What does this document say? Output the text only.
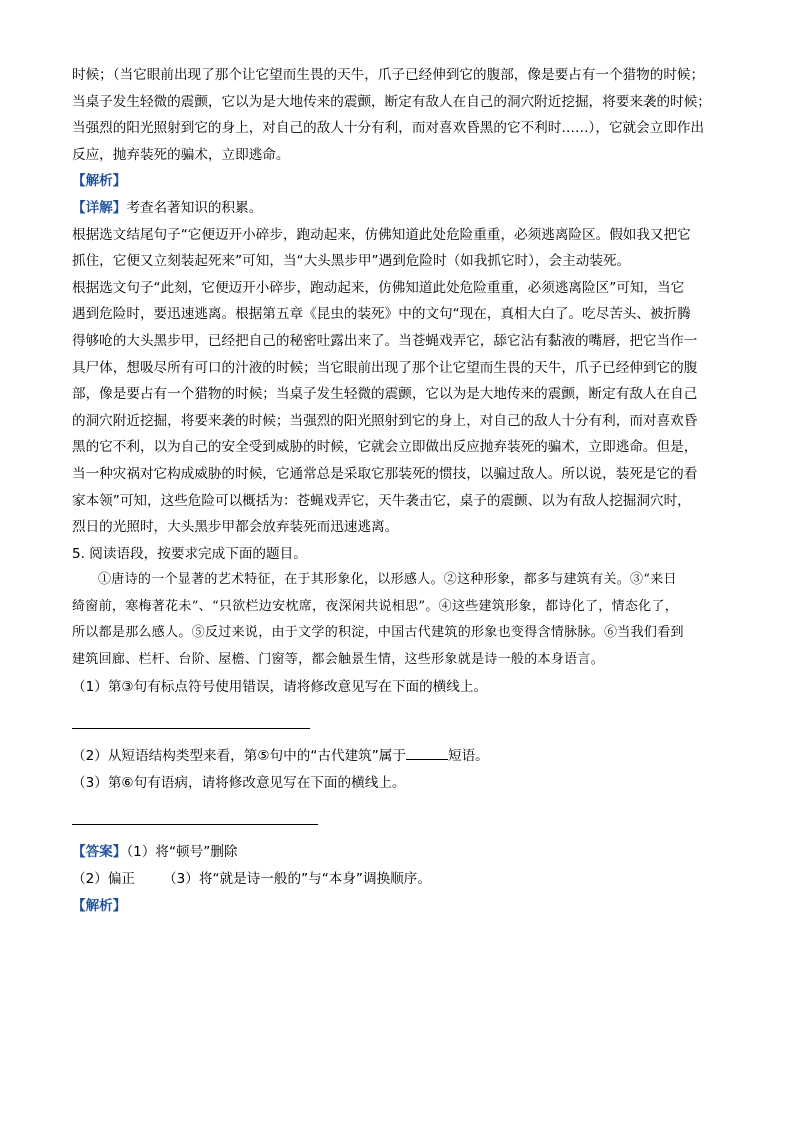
时候；（当它眼前出现了那个让它望而生畏的天牛，爪子已经伸到它的腹部，像是要占有一个猎物的时候；

当桌子发生轻微的震颤，它以为是大地传来的震颤，断定有敌人在自己的洞穴附近挖掘，将要来袭的时候；

当强烈的阳光照射到它的身上，对自己的敌人十分有利，而对喜欢昏黑的它不利时……），它就会立即作出

反应，抛弃装死的骗术，立即逃命。

【解析】

【详解】考查名著知识的积累。

根据选文结尾句子“它便迈开小碎步，跑动起来，仿佛知道此处危险重重，必须逃离险区。假如我又把它

抓住，它便又立刻装起死来”可知，当“大头黑步甲”遇到危险时（如我抓它时），会主动装死。

根据选文句子“此刻，它便迈开小碎步，跑动起来，仿佛知道此处危险重重，必须逃离险区”可知，当它

遇到危险时，要迅速逃离。根据第五章《昆虫的装死》中的文句“现在，真相大白了。吃尽苦头、被折腾

得够呛的大头黑步甲，已经把自己的秘密吐露出来了。当苍蝇戏弄它，舔它沾有黏液的嘴唇，把它当作一

具尸体，想吸尽所有可口的汁液的时候；当它眼前出现了那个让它望而生畏的天牛，爪子已经伸到它的腹

部，像是要占有一个猎物的时候；当桌子发生轻微的震颤，它以为是大地传来的震颤，断定有敌人在自己

的洞穴附近挖掘，将要来袭的时候；当强烈的阳光照射到它的身上，对自己的敌人十分有利，而对喜欢昏

黑的它不利，以为自己的安全受到威胁的时候，它就会立即做出反应抛弃装死的骗术，立即逃命。但是，

当一种灾祸对它构成威胁的时候，它通常总是采取它那装死的惯技，以骗过敌人。所以说，装死是它的看

家本领”可知，这些危险可以概括为：苍蝇戏弄它，天牛袭击它，桌子的震颤、以为有敌人挖掘洞穴时，

烈日的光照时，大头黑步甲都会放弃装死而迅速逃离。

5. 阅读语段，按要求完成下面的题目。

①唐诗的一个显著的艺术特征，在于其形象化，以形感人。②这种形象，都多与建筑有关。③“来日

绮窗前，寒梅著花未”、“只欲栏边安枕席，夜深闲共说相思”。④这些建筑形象，都诗化了，情态化了，

所以都是那么感人。⑤反过来说，由于文学的积淀，中国古代建筑的形象也变得含情脉脉。⑥当我们看到

建筑回廊、栏杆、台阶、屋檐、门窗等，都会触景生情，这些形象就是诗一般的本身语言。

（1）第③句有标点符号使用错误，请将修改意见写在下面的横线上。

（2）从短语结构类型来看，第⑤句中的“古代建筑”属于	短语。

（3）第⑥句有语病，请将修改意见写在下面的横线上。

【答案】（1）将“顿号”删除

（2）偏正 （3）将“就是诗一般的”与“本身”调换顺序。

【解析】
